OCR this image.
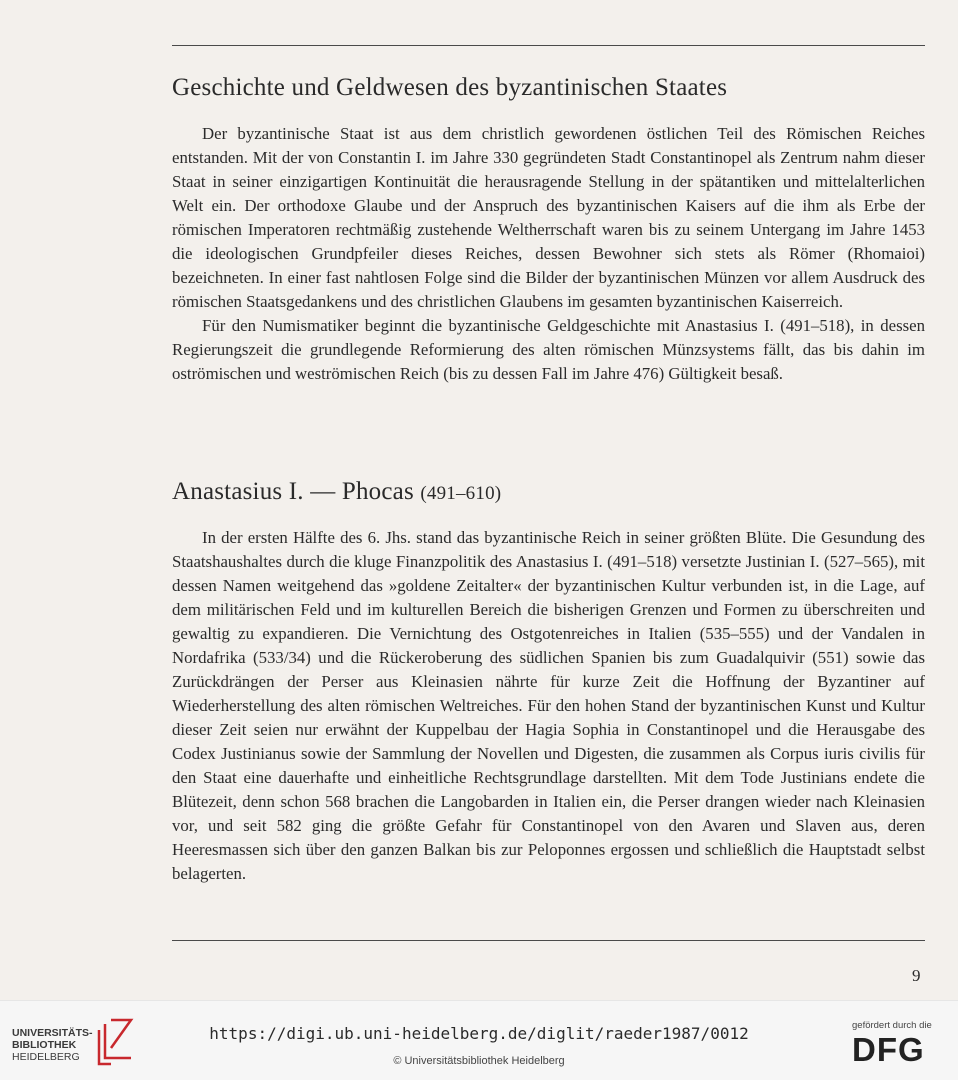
Geschichte und Geldwesen des byzantinischen Staates

Der byzantinische Staat ist aus dem christlich gewordenen östlichen Teil des Römischen Reiches entstanden. Mit der von Constantin I. im Jahre 330 gegründeten Stadt Constantinopel als Zentrum nahm dieser Staat in seiner einzigartigen Kontinuität die herausragende Stellung in der spätantiken und mittelalterlichen Welt ein. Der orthodoxe Glaube und der Anspruch des byzantinischen Kaisers auf die ihm als Erbe der römischen Imperatoren rechtmäßig zustehende Weltherrschaft waren bis zu seinem Untergang im Jahre 1453 die ideologischen Grundpfeiler dieses Reiches, dessen Bewohner sich stets als Römer (Rhomaioi) bezeichneten. In einer fast nahtlosen Folge sind die Bilder der byzantinischen Münzen vor allem Ausdruck des römischen Staatsgedankens und des christlichen Glaubens im gesamten byzantinischen Kaiserreich.

Für den Numismatiker beginnt die byzantinische Geldgeschichte mit Anastasius I. (491–518), in dessen Regierungszeit die grundlegende Reformierung des alten römischen Münzsystems fällt, das bis dahin im oströmischen und weströmischen Reich (bis zu dessen Fall im Jahre 476) Gültigkeit besaß.

Anastasius I. — Phocas (491–610)

In der ersten Hälfte des 6. Jhs. stand das byzantinische Reich in seiner größten Blüte. Die Gesundung des Staatshaushaltes durch die kluge Finanzpolitik des Anastasius I. (491–518) versetzte Justinian I. (527–565), mit dessen Namen weitgehend das »goldene Zeitalter« der byzantinischen Kultur verbunden ist, in die Lage, auf dem militärischen Feld und im kulturellen Bereich die bisherigen Grenzen und Formen zu überschreiten und gewaltig zu expandieren. Die Vernichtung des Ostgotenreiches in Italien (535–555) und der Vandalen in Nordafrika (533/34) und die Rückeroberung des südlichen Spanien bis zum Guadalquivir (551) sowie das Zurückdrängen der Perser aus Kleinasien nährte für kurze Zeit die Hoffnung der Byzantiner auf Wiederherstellung des alten römischen Weltreiches. Für den hohen Stand der byzantinischen Kunst und Kultur dieser Zeit seien nur erwähnt der Kuppelbau der Hagia Sophia in Constantinopel und die Herausgabe des Codex Justinianus sowie der Sammlung der Novellen und Digesten, die zusammen als Corpus iuris civilis für den Staat eine dauerhafte und einheitliche Rechtsgrundlage darstellten. Mit dem Tode Justinians endete die Blütezeit, denn schon 568 brachen die Langobarden in Italien ein, die Perser drangen wieder nach Kleinasien vor, und seit 582 ging die größte Gefahr für Constantinopel von den Avaren und Slaven aus, deren Heeresmassen sich über den ganzen Balkan bis zur Peloponnes ergossen und schließlich die Hauptstadt selbst belagerten.

9
UNIVERSITÄTS-
BIBLIOTHEK
HEIDELBERG
https://digi.ub.uni-heidelberg.de/diglit/raeder1987/0012
© Universitätsbibliothek Heidelberg
gefördert durch die
DFG
